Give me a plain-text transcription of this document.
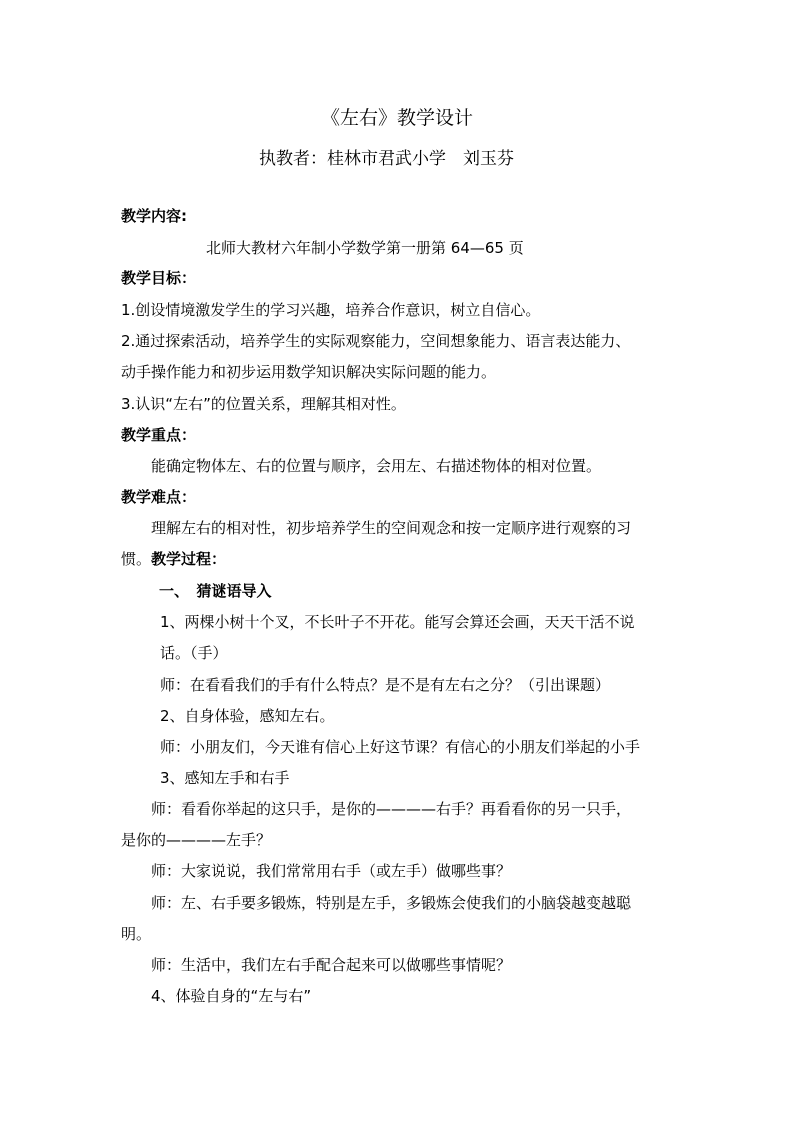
《左右》教学设计
执教者：桂林市君武小学　刘玉芬
教学内容:
北师大教材六年制小学数学第一册第 64—65 页
教学目标：
1.创设情境激发学生的学习兴趣，培养合作意识，树立自信心。
2.通过探索活动，培养学生的实际观察能力，空间想象能力、语言表达能力、
动手操作能力和初步运用数学知识解决实际问题的能力。
3.认识“左右”的位置关系，理解其相对性。
教学重点：
能确定物体左、右的位置与顺序，会用左、右描述物体的相对位置。
教学难点：
理解左右的相对性，初步培养学生的空间观念和按一定顺序进行观察的习
惯。教学过程：
一、　猜谜语导入
1、两棵小树十个叉，不长叶子不开花。能写会算还会画，天天干活不说
话。（手）
师：在看看我们的手有什么特点？是不是有左右之分？（引出课题）
2、自身体验，感知左右。
师：小朋友们，今天谁有信心上好这节课？有信心的小朋友们举起的小手
3、感知左手和右手
师：看看你举起的这只手，是你的————右手？再看看你的另一只手，
是你的————左手？
师：大家说说，我们常常用右手（或左手）做哪些事？
师：左、右手要多锻炼，特别是左手，多锻炼会使我们的小脑袋越变越聪
明。
师：生活中，我们左右手配合起来可以做哪些事情呢？
4、体验自身的“左与右”
